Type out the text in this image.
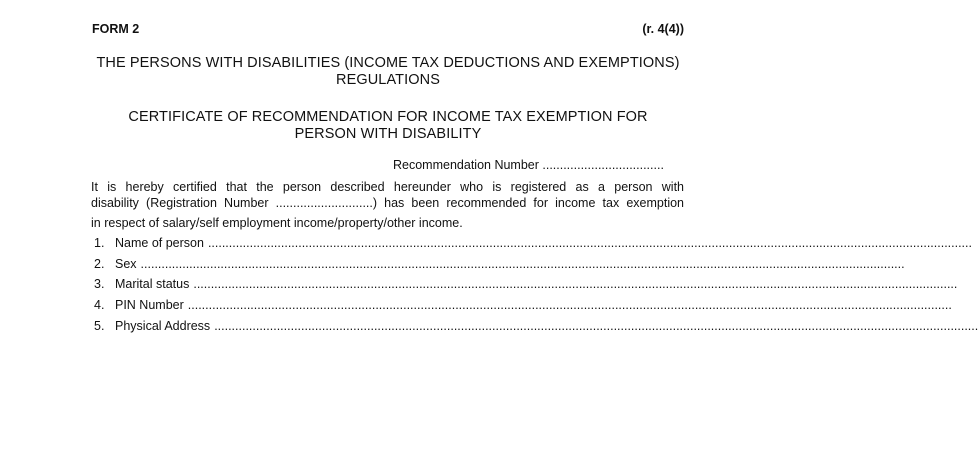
FORM 2	(r. 4(4))
THE PERSONS WITH DISABILITIES (INCOME TAX DEDUCTIONS AND EXEMPTIONS)
REGULATIONS
CERTIFICATE OF RECOMMENDATION FOR INCOME TAX EXEMPTION FOR
PERSON WITH DISABILITY
Recommendation Number ...................................
It is hereby certified that the person described hereunder who is registered as a person with
disability (Registration Number ............................) has been recommended for income tax exemption
in respect of salary/self employment income/property/other income.
1. Name of person ............................................................................................................................................................................................................................
2. Sex ............................................................................................................................................................................................................................
3. Marital status ............................................................................................................................................................................................................................
4. PIN Number ............................................................................................................................................................................................................................
5. Physical Address ............................................................................................................................................................................................................................
